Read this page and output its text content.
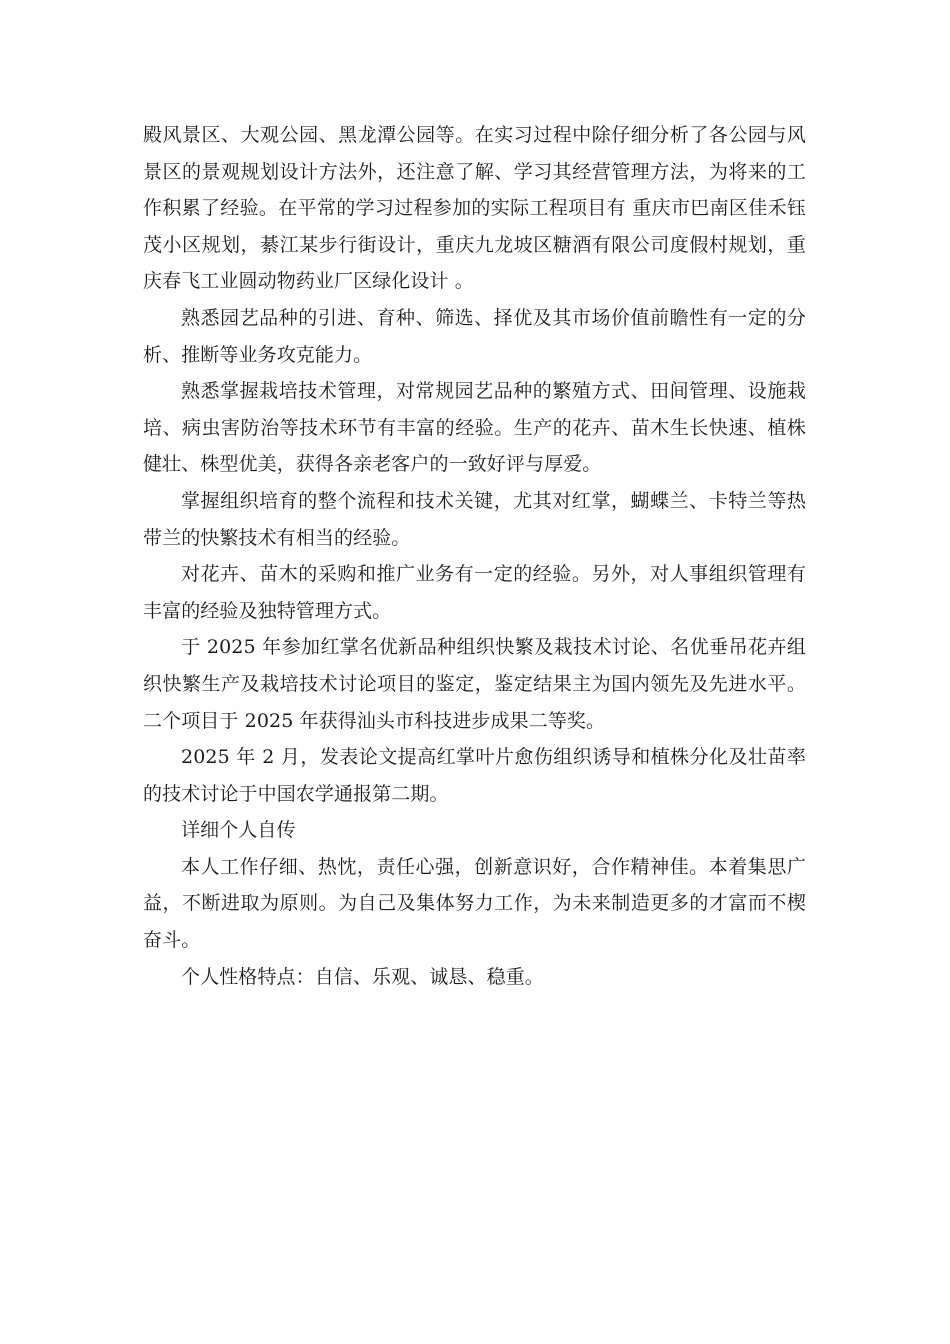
殿风景区、大观公园、黑龙潭公园等。在实习过程中除仔细分析了各公园与风景区的景观规划设计方法外，还注意了解、学习其经营管理方法，为将来的工作积累了经验。在平常的学习过程参加的实际工程项目有 重庆市巴南区佳禾钰茂小区规划，綦江某步行街设计，重庆九龙坡区糖酒有限公司度假村规划，重庆春飞工业圆动物药业厂区绿化设计 。

熟悉园艺品种的引进、育种、筛选、择优及其市场价值前瞻性有一定的分析、推断等业务攻克能力。

熟悉掌握栽培技术管理，对常规园艺品种的繁殖方式、田间管理、设施栽培、病虫害防治等技术环节有丰富的经验。生产的花卉、苗木生长快速、植株健壮、株型优美，获得各亲老客户的一致好评与厚爱。

掌握组织培育的整个流程和技术关键，尤其对红掌，蝴蝶兰、卡特兰等热带兰的快繁技术有相当的经验。

对花卉、苗木的采购和推广业务有一定的经验。另外，对人事组织管理有丰富的经验及独特管理方式。

于 2025 年参加红掌名优新品种组织快繁及栽技术讨论、名优垂吊花卉组织快繁生产及栽培技术讨论项目的鉴定，鉴定结果主为国内领先及先进水平。二个项目于 2025 年获得汕头市科技进步成果二等奖。

2025 年 2 月，发表论文提高红掌叶片愈伤组织诱导和植株分化及壮苗率的技术讨论于中国农学通报第二期。

详细个人自传

本人工作仔细、热忱，责任心强，创新意识好，合作精神佳。本着集思广益，不断进取为原则。为自己及集体努力工作，为未来制造更多的才富而不楔奋斗。

个人性格特点：自信、乐观、诚恳、稳重。
